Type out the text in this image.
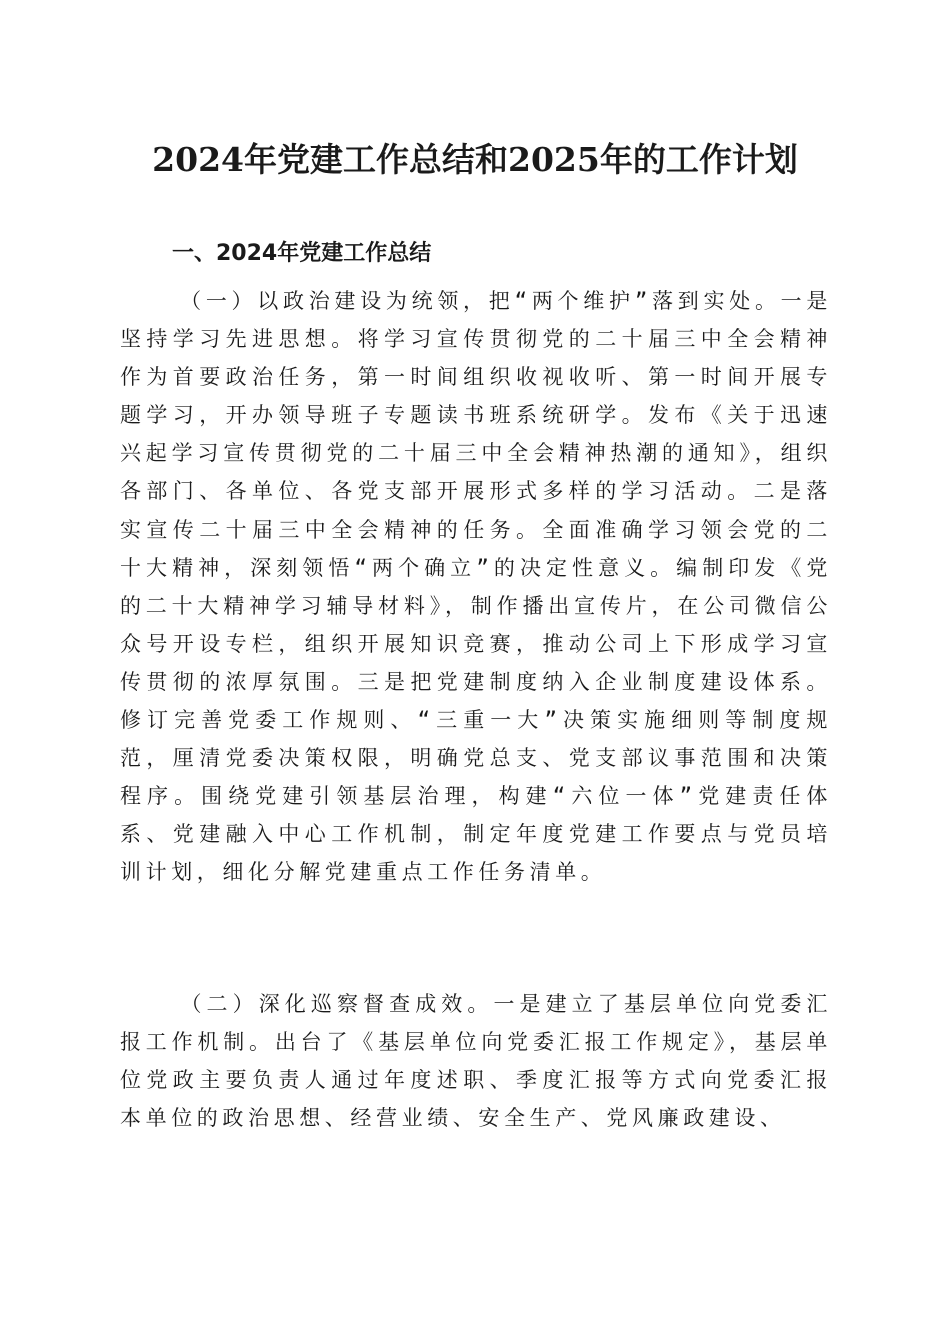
2024年党建工作总结和2025年的工作计划
一、2024年党建工作总结

（一）以政治建设为统领，把“两个维护”落到实处。一是坚持学习先进思想。将学习宣传贯彻党的二十届三中全会精神作为首要政治任务，第一时间组织收视收听、第一时间开展专题学习，开办领导班子专题读书班系统研学。发布《关于迅速兴起学习宣传贯彻党的二十届三中全会精神热潮的通知》，组织各部门、各单位、各党支部开展形式多样的学习活动。二是落实宣传二十届三中全会精神的任务。全面准确学习领会党的二十大精神，深刻领悟“两个确立”的决定性意义。编制印发《党的二十大精神学习辅导材料》，制作播出宣传片，在公司微信公众号开设专栏，组织开展知识竞赛，推动公司上下形成学习宣传贯彻的浓厚氛围。三是把党建制度纳入企业制度建设体系。修订完善党委工作规则、“三重一大”决策实施细则等制度规范，厘清党委决策权限，明确党总支、党支部议事范围和决策程序。围绕党建引领基层治理，构建“六位一体”党建责任体系、党建融入中心工作机制，制定年度党建工作要点与党员培训计划，细化分解党建重点工作任务清单。

（二）深化巡察督查成效。一是建立了基层单位向党委汇报工作机制。出台了《基层单位向党委汇报工作规定》，基层单位党政主要负责人通过年度述职、季度汇报等方式向党委汇报本单位的政治思想、经营业绩、安全生产、党风廉政建设、
